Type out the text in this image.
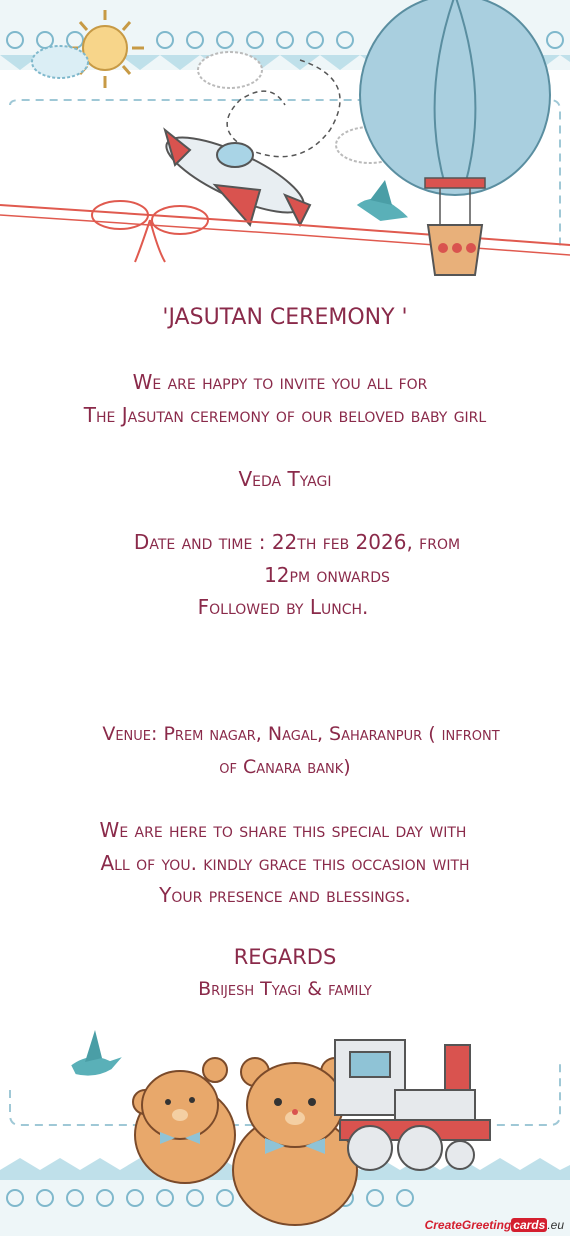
'JASUTAN CEREMONY '
We are happy to invite you all for
The Jasutan ceremony of our beloved baby girl
Veda Tyagi
Date and time : 22th feb 2026, from
12pm onwards
Followed by Lunch.
Venue: Prem nagar, Nagal, Saharanpur ( infront
of Canara bank)
We are here to share this special day with
All of you. kindly grace this occasion with
Your presence and blessings.
REGARDS
Brijesh Tyagi & family
CreateGreeting cards .eu
